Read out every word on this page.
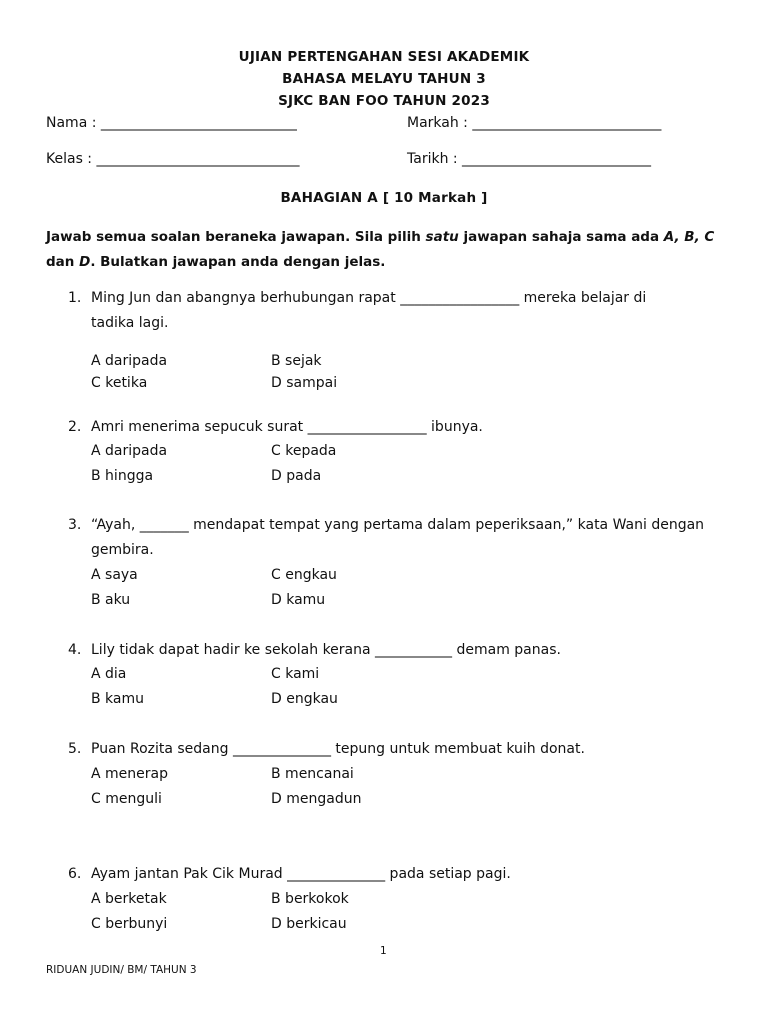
UJIAN PERTENGAHAN SESI AKADEMIK
BAHASA MELAYU TAHUN 3
SJKC BAN FOO TAHUN 2023
Nama : ____________________________	Markah : ___________________________
Kelas : _____________________________	Tarikh : ___________________________
BAHAGIAN A [ 10 Markah ]
Jawab semua soalan beraneka jawapan. Sila pilih satu jawapan sahaja sama ada A, B, C
dan D. Bulatkan jawapan anda dengan jelas.
1. Ming Jun dan abangnya berhubungan rapat _________________ mereka belajar di
tadika lagi.
A daripada	B sejak
C ketika	D sampai
2. Amri menerima sepucuk surat _________________ ibunya.
A daripada	C kepada
B hingga	D pada
3. “Ayah, _______ mendapat tempat yang pertama dalam peperiksaan,” kata Wani dengan
gembira.
A saya	C engkau
B aku	D kamu
4. Lily tidak dapat hadir ke sekolah kerana ___________ demam panas.
A dia	C kami
B kamu	D engkau
5. Puan Rozita sedang ______________ tepung untuk membuat kuih donat.
A menerap	B mencanai
C menguli	D mengadun
6. Ayam jantan Pak Cik Murad ______________ pada setiap pagi.
A berketak	B berkokok
C berbunyi	D berkicau
1
RIDUAN JUDIN/ BM/ TAHUN 3
